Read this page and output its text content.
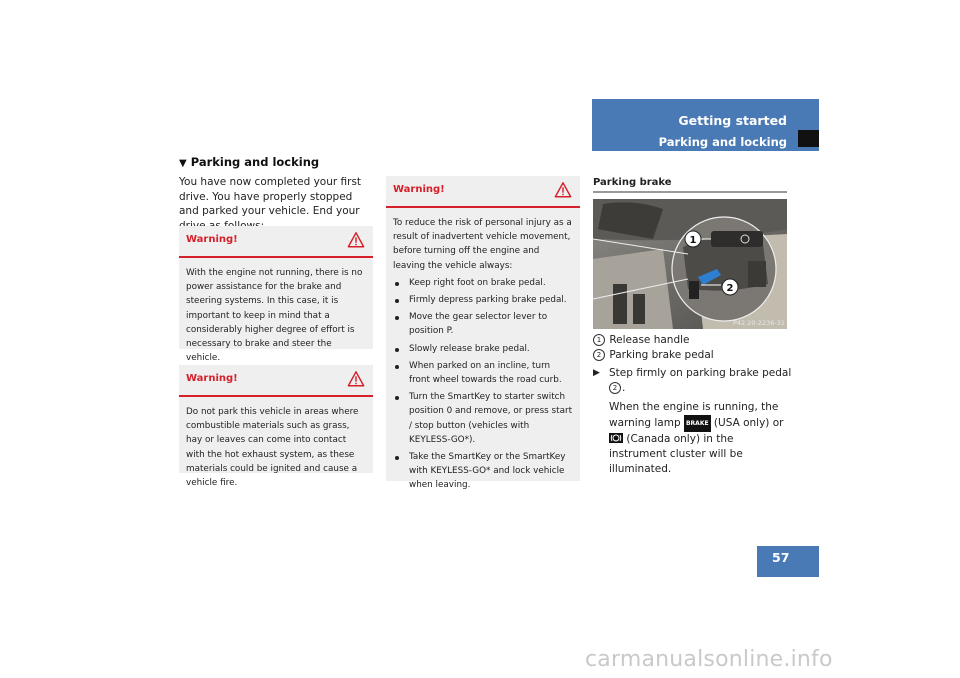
Getting started
Parking and locking
57
▼ Parking and locking
You have now completed your first drive. You have properly stopped and parked your vehicle. End your
Warning!
With the engine not running, there is no power assistance for the brake and steering systems. In this case, it is important to keep in mind that a considerably higher degree of effort is necessary to brake and steer the vehicle.
Warning!
Do not park this vehicle in areas where combustible materials such as grass, hay or leaves can come into contact with the hot exhaust system, as these materials could be ignited and cause a vehicle fire.
Warning!
To reduce the risk of personal injury as a result of inadvertent vehicle movement, before turning off the engine and leaving the vehicle always:
Keep right foot on brake pedal.
Firmly depress parking brake pedal.
Move the gear selector lever to position P.
Slowly release brake pedal.
When parked on an incline, turn front wheel towards the road curb.
Turn the SmartKey to starter switch position 0 and remove, or press start / stop button (vehicles with KEYLESS-GO*).
Take the SmartKey or the SmartKey with KEYLESS-GO* and lock vehicle when leaving.
Parking brake
1
2
P42.20-2236-31
1 Release handle
2 Parking brake pedal
▶ Step firmly on parking brake pedal 2 .
When the engine is running, the warning lamp BRAKE (USA only) or  (Canada only) in the instrument cluster will be illuminated.
carmanualsonline.info
